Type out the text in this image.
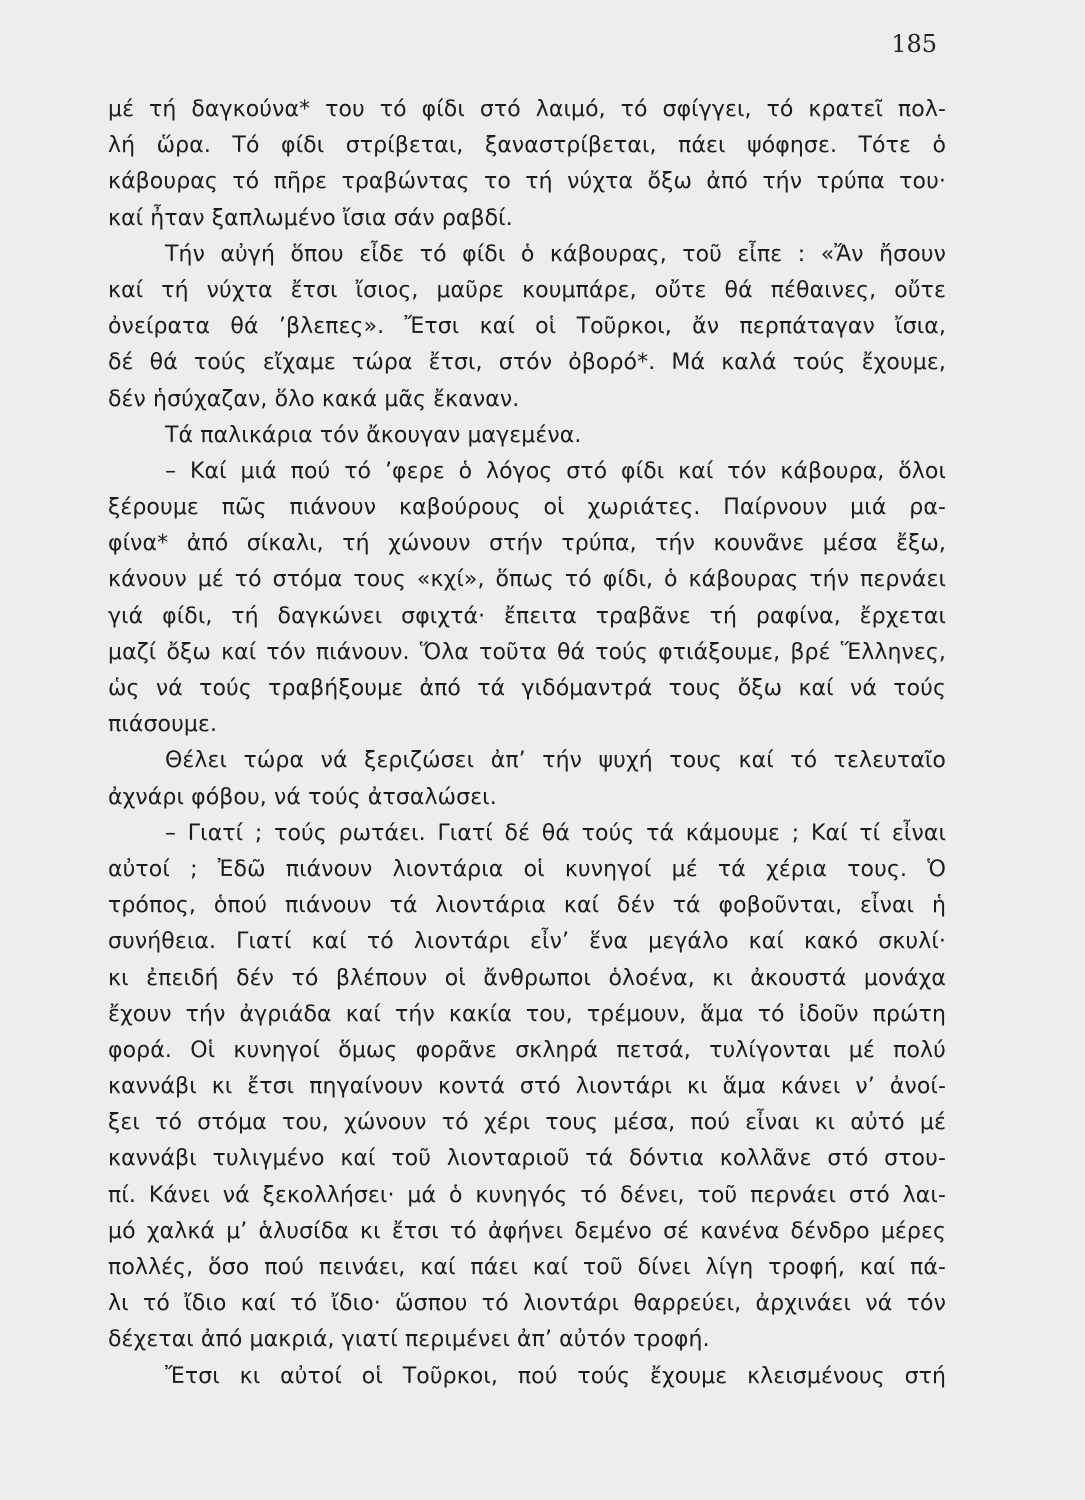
185
μέ τή δαγκούνα* του τό φίδι στό λαιμό, τό σφίγγει, τό κρατεῖ πολ-
λή ὥρα. Τό φίδι στρίβεται, ξαναστρίβεται, πάει ψόφησε. Τότε ὁ
κάβουρας τό πῆρε τραβώντας το τή νύχτα ὄξω ἀπό τήν τρύπα του·
καί ἦταν ξαπλωμένο ἴσια σάν ραβδί.
Τήν αὐγή ὅπου εἶδε τό φίδι ὁ κάβουρας, τοῦ εἶπε : «Ἄν ἤσουν
καί τή νύχτα ἔτσι ἴσιος, μαῦρε κουμπάρε, οὔτε θά πέθαινες, οὔτε
ὀνείρατα θά ’βλεπες». Ἔτσι καί οἱ Τοῦρκοι, ἄν περπάταγαν ἴσια,
δέ θά τούς εἴχαμε τώρα ἔτσι, στόν ὀβορό*. Μά καλά τούς ἔχουμε,
δέν ἡσύχαζαν, ὅλο κακά μᾶς ἔκαναν.
Τά παλικάρια τόν ἄκουγαν μαγεμένα.
– Καί μιά πού τό ’φερε ὁ λόγος στό φίδι καί τόν κάβουρα, ὅλοι
ξέρουμε πῶς πιάνουν καβούρους οἱ χωριάτες. Παίρνουν μιά ρα-
φίνα* ἀπό σίκαλι, τή χώνουν στήν τρύπα, τήν κουνᾶνε μέσα ἔξω,
κάνουν μέ τό στόμα τους «κχί», ὅπως τό φίδι, ὁ κάβουρας τήν περνάει
γιά φίδι, τή δαγκώνει σφιχτά· ἔπειτα τραβᾶνε τή ραφίνα, ἔρχεται
μαζί ὄξω καί τόν πιάνουν. Ὅλα τοῦτα θά τούς φτιάξουμε, βρέ Ἕλληνες,
ὡς νά τούς τραβήξουμε ἀπό τά γιδόμαντρά τους ὄξω καί νά τούς
πιάσουμε.
Θέλει τώρα νά ξεριζώσει ἀπ’ τήν ψυχή τους καί τό τελευταῖο
ἀχνάρι φόβου, νά τούς ἀτσαλώσει.
– Γιατί ; τούς ρωτάει. Γιατί δέ θά τούς τά κάμουμε ; Καί τί εἶναι
αὐτοί ; Ἐδῶ πιάνουν λιοντάρια οἱ κυνηγοί μέ τά χέρια τους. Ὁ
τρόπος, ὁπού πιάνουν τά λιοντάρια καί δέν τά φοβοῦνται, εἶναι ἡ
συνήθεια. Γιατί καί τό λιοντάρι εἶν’ ἕνα μεγάλο καί κακό σκυλί·
κι ἐπειδή δέν τό βλέπουν οἱ ἄνθρωποι ὁλοένα, κι ἀκουστά μονάχα
ἔχουν τήν ἀγριάδα καί τήν κακία του, τρέμουν, ἅμα τό ἰδοῦν πρώτη
φορά. Οἱ κυνηγοί ὅμως φορᾶνε σκληρά πετσά, τυλίγονται μέ πολύ
καννάβι κι ἔτσι πηγαίνουν κοντά στό λιοντάρι κι ἅμα κάνει ν’ ἀνοί-
ξει τό στόμα του, χώνουν τό χέρι τους μέσα, πού εἶναι κι αὐτό μέ
καννάβι τυλιγμένο καί τοῦ λιονταριοῦ τά δόντια κολλᾶνε στό στου-
πί. Κάνει νά ξεκολλήσει· μά ὁ κυνηγός τό δένει, τοῦ περνάει στό λαι-
μό χαλκά μ’ ἁλυσίδα κι ἔτσι τό ἀφήνει δεμένο σέ κανένα δένδρο μέρες
πολλές, ὅσο πού πεινάει, καί πάει καί τοῦ δίνει λίγη τροφή, καί πά-
λι τό ἴδιο καί τό ἴδιο· ὥσπου τό λιοντάρι θαρρεύει, ἀρχινάει νά τόν
δέχεται ἀπό μακριά, γιατί περιμένει ἀπ’ αὐτόν τροφή.
Ἔτσι κι αὐτοί οἱ Τοῦρκοι, πού τούς ἔχουμε κλεισμένους στή
